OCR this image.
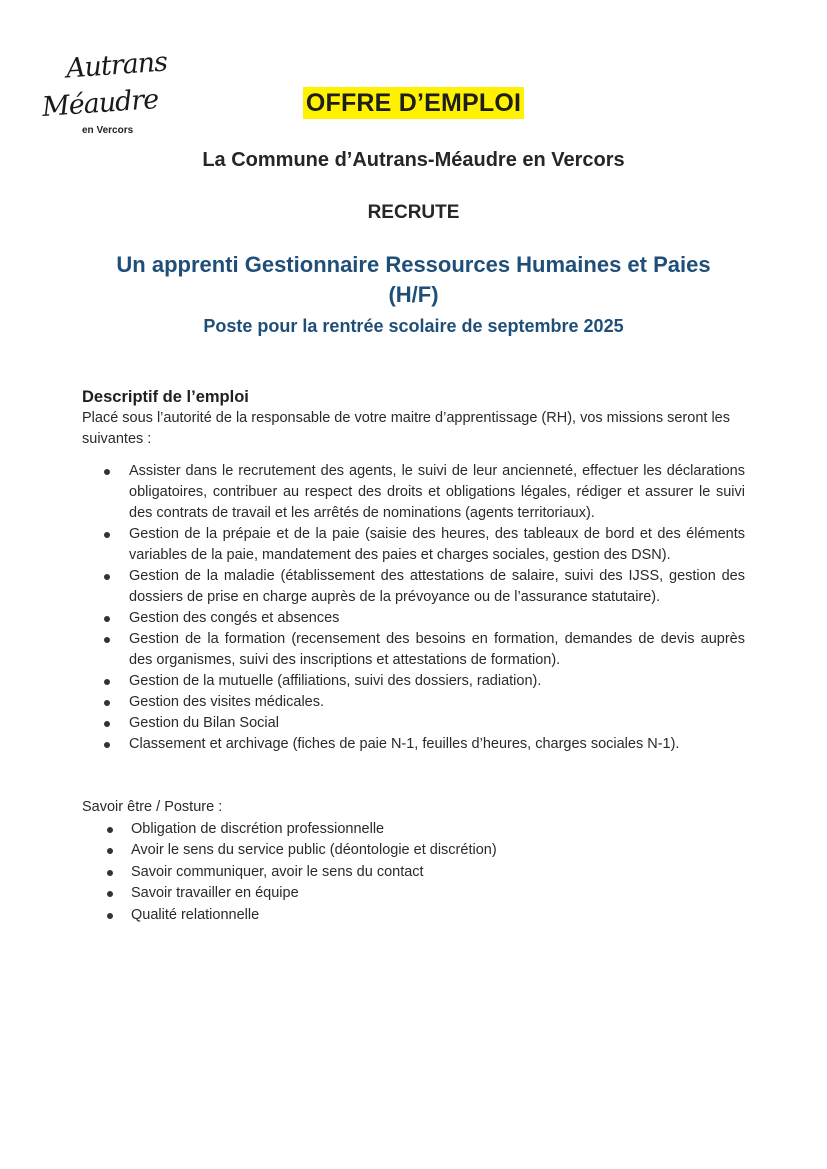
Autrans
Méaudre
en Vercors
OFFRE D’EMPLOI
La Commune d’Autrans-Méaudre en Vercors
RECRUTE
Un apprenti Gestionnaire Ressources Humaines et Paies
(H/F)
Poste pour la rentrée scolaire de septembre 2025
Descriptif de l’emploi

Placé sous l’autorité de la responsable de votre maitre d’apprentissage (RH), vos missions seront les suivantes :

Assister dans le recrutement des agents, le suivi de leur ancienneté, effectuer les déclarations obligatoires, contribuer au respect des droits et obligations légales, rédiger et assurer le suivi des contrats de travail et les arrêtés de nominations (agents territoriaux).
Gestion de la prépaie et de la paie (saisie des heures, des tableaux de bord et des éléments variables de la paie, mandatement des paies et charges sociales, gestion des DSN).
Gestion de la maladie (établissement des attestations de salaire, suivi des IJSS, gestion des dossiers de prise en charge auprès de la prévoyance ou de l’assurance statutaire).
Gestion des congés et absences
Gestion de la formation (recensement des besoins en formation, demandes de devis auprès des organismes, suivi des inscriptions et attestations de formation).
Gestion de la mutuelle (affiliations, suivi des dossiers, radiation).
Gestion des visites médicales.
Gestion du Bilan Social
Classement et archivage (fiches de paie N-1, feuilles d’heures, charges sociales N-1).
Savoir être / Posture :
Obligation de discrétion professionnelle
Avoir le sens du service public (déontologie et discrétion)
Savoir communiquer, avoir le sens du contact
Savoir travailler en équipe
Qualité relationnelle
